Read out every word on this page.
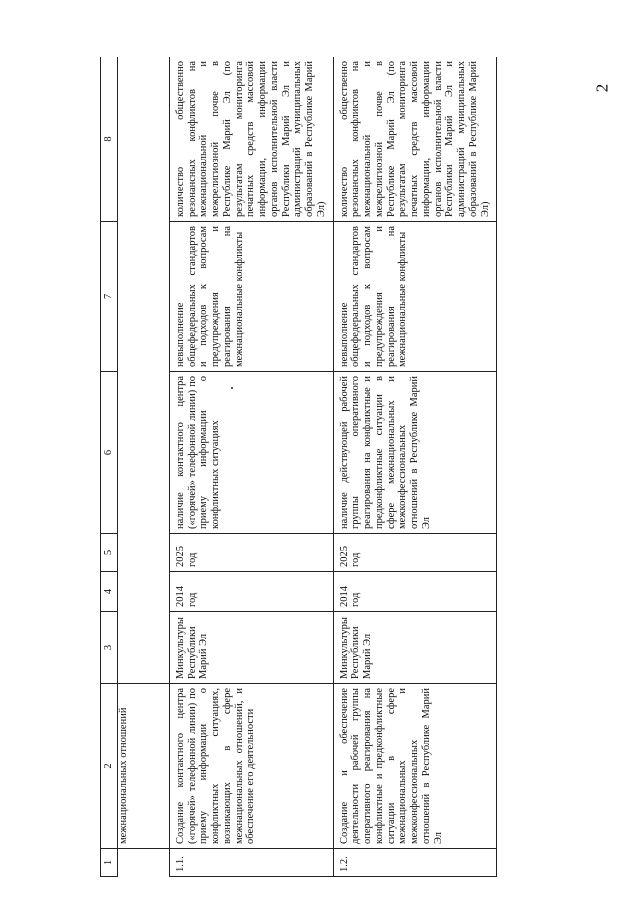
2
1	2	3	4	5	6	7	8
	межнациональных отношений						
1.1.	Создание контактного центра («горячей» телефонной линии) по приему информации о конфликтных ситуациях, возникающих в сфере межнациональных отношений, и обеспечение его деятельности	Минкультуры Республики Марий Эл	2014 год	2025 год	наличие контактного центра («горячей» телефонной линии) по приему информации о конфликтных ситуациях	невыполнение общефедеральных стандартов и подходов к вопросам предупреждения и реагирования на межнациональные конфликты	количество общественно резонансных конфликтов на межнациональной и межрелигиозной почве в Республике Марий Эл (по результатам мониторинга печатных средств массовой информации, информации органов исполнительной власти Республики Марий Эл и администраций муниципальных образований в Республике Марий Эл)
1.2.	Создание и обеспечение деятельности рабочей группы оперативного реагирования на конфликтные и предконфликтные ситуации в сфере межнациональных и межконфессиональных отношений в Республике Марий Эл	Минкультуры Республики Марий Эл	2014 год	2025 год	наличие действующей рабочей группы оперативного реагирования на конфликтные и предконфликтные ситуации в сфере межнациональных и межконфессиональных отношений в Республике Марий Эл	невыполнение общефедеральных стандартов и подходов к вопросам предупреждения и реагирования на межнациональные конфликты	количество общественно резонансных конфликтов на межнациональной и межрелигиозной почве в Республике Марий Эл (по результатам мониторинга печатных средств массовой информации, информации органов исполнительной власти Республики Марий Эл и администраций муниципальных образований в Республике Марий Эл)
